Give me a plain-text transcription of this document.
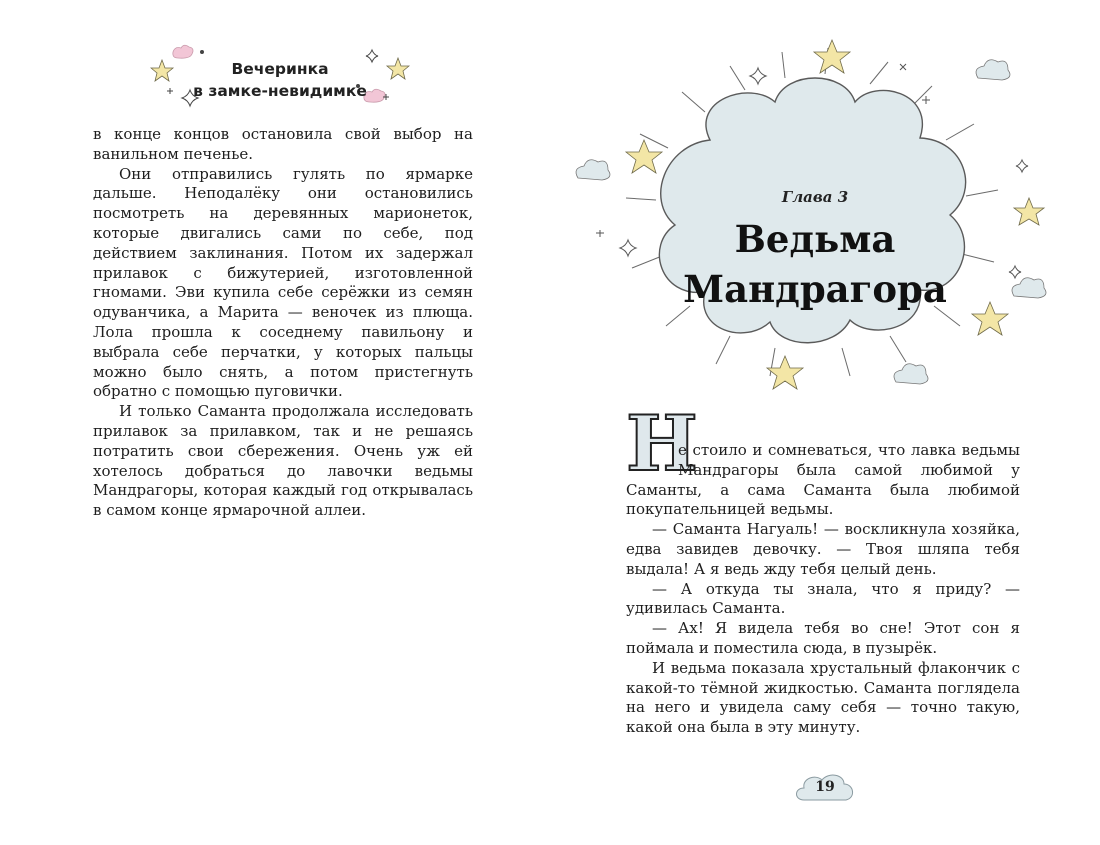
Вечеринка
в замке-невидимке

в конце концов остановила свой выбор на ванильном печенье.

Они отправились гулять по ярмарке дальше. Неподалёку они остановились посмотреть на деревянных марионеток, которые двигались сами по себе, под действием заклинания. Потом их задержал прилавок с бижутерией, изготовленной гномами. Эви купила себе серёжки из семян одуванчика, а Марита — веночек из плюща. Лола прошла к соседнему павильону и выбрала себе перчатки, у которых пальцы можно было снять, а потом пристегнуть обратно с помощью пуговички.

И только Саманта продолжала исследовать прилавок за прилавком, так и не решаясь потратить свои сбережения. Очень уж ей хотелось добраться до лавочки ведьмы Мандрагоры, которая каждый год открывалась в самом конце ярмарочной аллеи.

Глава 3
Ведьма
Мандрагора
Н

е стоило и сомневаться, что лавка ведьмы Мандрагоры была самой любимой у Саманты, а сама Саманта была любимой покупательницей ведьмы.

— Саманта Нагуаль! — воскликнула хозяйка, едва завидев девочку. — Твоя шляпа тебя выдала! А я ведь жду тебя целый день.

— А откуда ты знала, что я приду? — удивилась Саманта.

— Ах! Я видела тебя во сне! Этот сон я поймала и поместила сюда, в пузырёк.

И ведьма показала хрустальный флакончик с какой-то тёмной жидкостью. Саманта поглядела на него и увидела саму себя — точно такую, какой она была в эту минуту.

19
